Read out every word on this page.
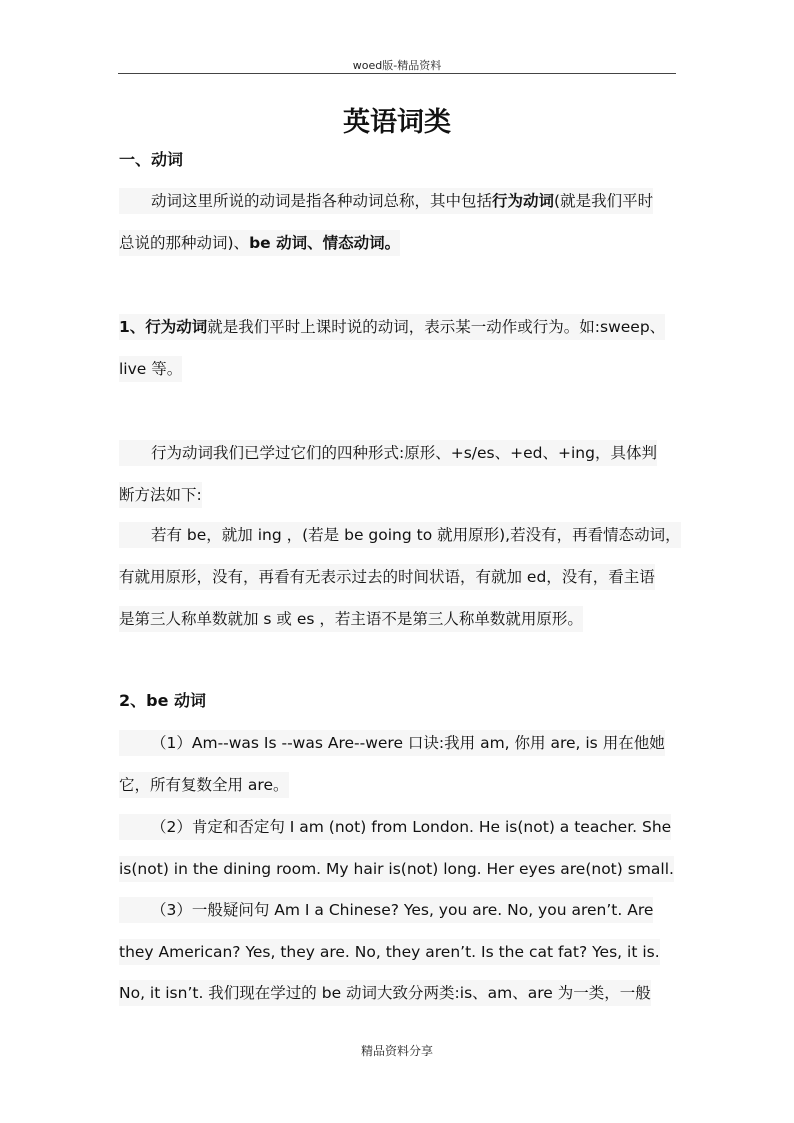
woed版-精品资料
英语词类
一、动词
动词这里所说的动词是指各种动词总称，其中包括行为动词(就是我们平时
总说的那种动词)、be 动词、情态动词。
1、行为动词就是我们平时上课时说的动词，表示某一动作或行为。如:sweep、
live 等。
行为动词我们已学过它们的四种形式:原形、+s/es、+ed、+ing，具体判
断方法如下:
若有 be，就加 ing ，(若是 be going to 就用原形),若没有，再看情态动词，
有就用原形，没有，再看有无表示过去的时间状语，有就加 ed，没有，看主语
是第三人称单数就加 s 或 es ，若主语不是第三人称单数就用原形。
2、be 动词
（1）Am--was Is --was Are--were 口诀:我用 am, 你用 are, is 用在他她
它，所有复数全用 are。
（2）肯定和否定句 I am (not) from London. He is(not) a teacher. She
is(not) in the dining room. My hair is(not) long. Her eyes are(not) small.
（3）一般疑问句 Am I a Chinese? Yes, you are. No, you aren’t. Are
they American? Yes, they are. No, they aren’t. Is the cat fat? Yes, it is.
No, it isn’t. 我们现在学过的 be 动词大致分两类:is、am、are 为一类，一般
精品资料分享
